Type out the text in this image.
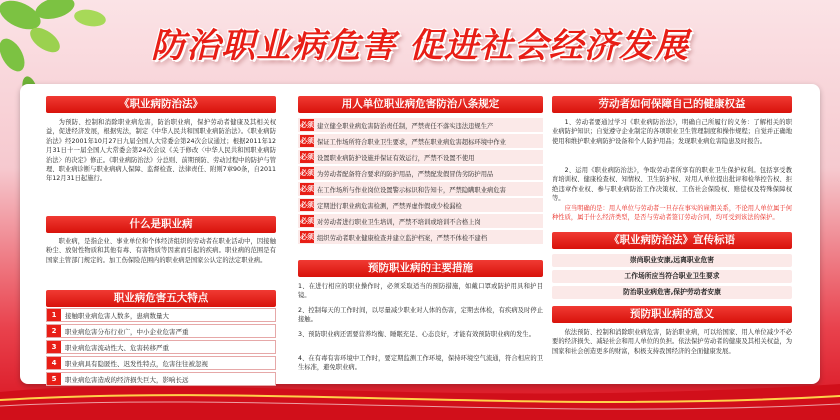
防治职业病危害 促进社会经济发展
《职业病防治法》
为预防、控制和消除职业病危害，防治职业病，保护劳动者健康及其相关权益，促进经济发展，根据宪法，制定《中华人民共和国职业病防治法》。《职业病防治法》经2001年10月27日九届全国人大常委会第24次会议通过；根据2011年12月31日十一届全国人大常委会第24次会议《关于修改〈中华人民共和国职业病防治法〉的决定》修正。《职业病防治法》分总则、前期预防、劳动过程中的防护与管理、职业病诊断与职业病病人保障、监督检查、法律责任、附则7章90条，自2011年12月31日起施行。
什么是职业病
职业病，是指企业、事业单位和个体经济组织的劳动者在职业活动中，因接触粉尘、放射性物质和其他有毒、有害物质等因素而引起的疾病。职业病的范围是有国家主管部门规定的。加工伤保险范围内的职业病是国家公认定的法定职业病。
职业病危害五大特点
1	接触职业病危害人数多，患病数量大
2	职业病危害分布行业广，中小企业危害严重
3	职业病危害流动性大、危害转移严重
4	职业病具有隐匿性、迟发性特点，危害往往被忽视
5	职业病危害造成的经济损失巨大，影响长远
用人单位职业病危害防治八条规定
必须 建立健全职业病危害防治责任制，严禁责任不落实违法违规生产
必须 保证工作场所符合职业卫生要求，严禁在职业病危害超标环境中作业
必须 设置职业病防护设施并保证有效运行，严禁不设置不使用
必须 为劳动者配备符合要求的防护用品，严禁配发假冒伪劣防护用品
必须 在工作场所与作业岗位设置警示标识和告知卡，严禁隐瞒职业病危害
必须 定期进行职业病危害检测，严禁弄虚作假或少检漏检
必须 对劳动者进行职业卫生培训，严禁不培训或培训不合格上岗
必须 组织劳动者职业健康检查并建立监护档案，严禁不体检不建档
预防职业病的主要措施
1、在进行相应的职业操作时，必须采取适当的预防措施，如戴口罩或防护用具和护目镜。
2、控制每天的工作时间，以尽量减少职业对人体的伤害，定期去体检，有疾病及时停止接触。
3、预防职业病还需要营养均衡、睡眠充足、心态良好，才能有效预防职业病的发生。
4、在有毒有害环境中工作时，要定期监测工作环境，保持环境空气流通，符合相应的卫生标准，避免职业病。
劳动者如何保障自己的健康权益
1、劳动者要通过学习《职业病防治法》，明确自己所履行的义务：了解相关的职业病防护知识；自觉遵守企业制定的各项职业卫生管理制度和操作规程；自觉并正确地使用和维护职业病防护设备和个人防护用品；发现职业病危害隐患及时报告。
2、运用《职业病防治法》，争取劳动者所享有的职业卫生保护权利。包括享受教育培训权、健康检查权、知情权、卫生防护权、对用人单位提出批评和检举控告权、拒绝违章作业权、参与职业病防治工作决策权、工伤社会保险权、赔偿权及特殊保障权等。
应当明确的是：用人单位与劳动者一旦存在事实的雇佣关系，不论用人单位属于何种性质，属于什么经济类型，是否与劳动者签订劳动合同，均可受到该法的保护。
《职业病防治法》宣传标语
崇尚职业安康,远离职业危害
工作场所应当符合职业卫生要求
防治职业病危害,保护劳动者安康
预防职业病的意义
依法预防、控制和消除职业病危害，防治职业病，可以给国家、用人单位减少不必要的经济损失、减轻社会和用人单位的负担。依法保护劳动者的健康及其相关权益，为国家和社会创造更多的财富，积极支持我国经济的全面健康发展。
